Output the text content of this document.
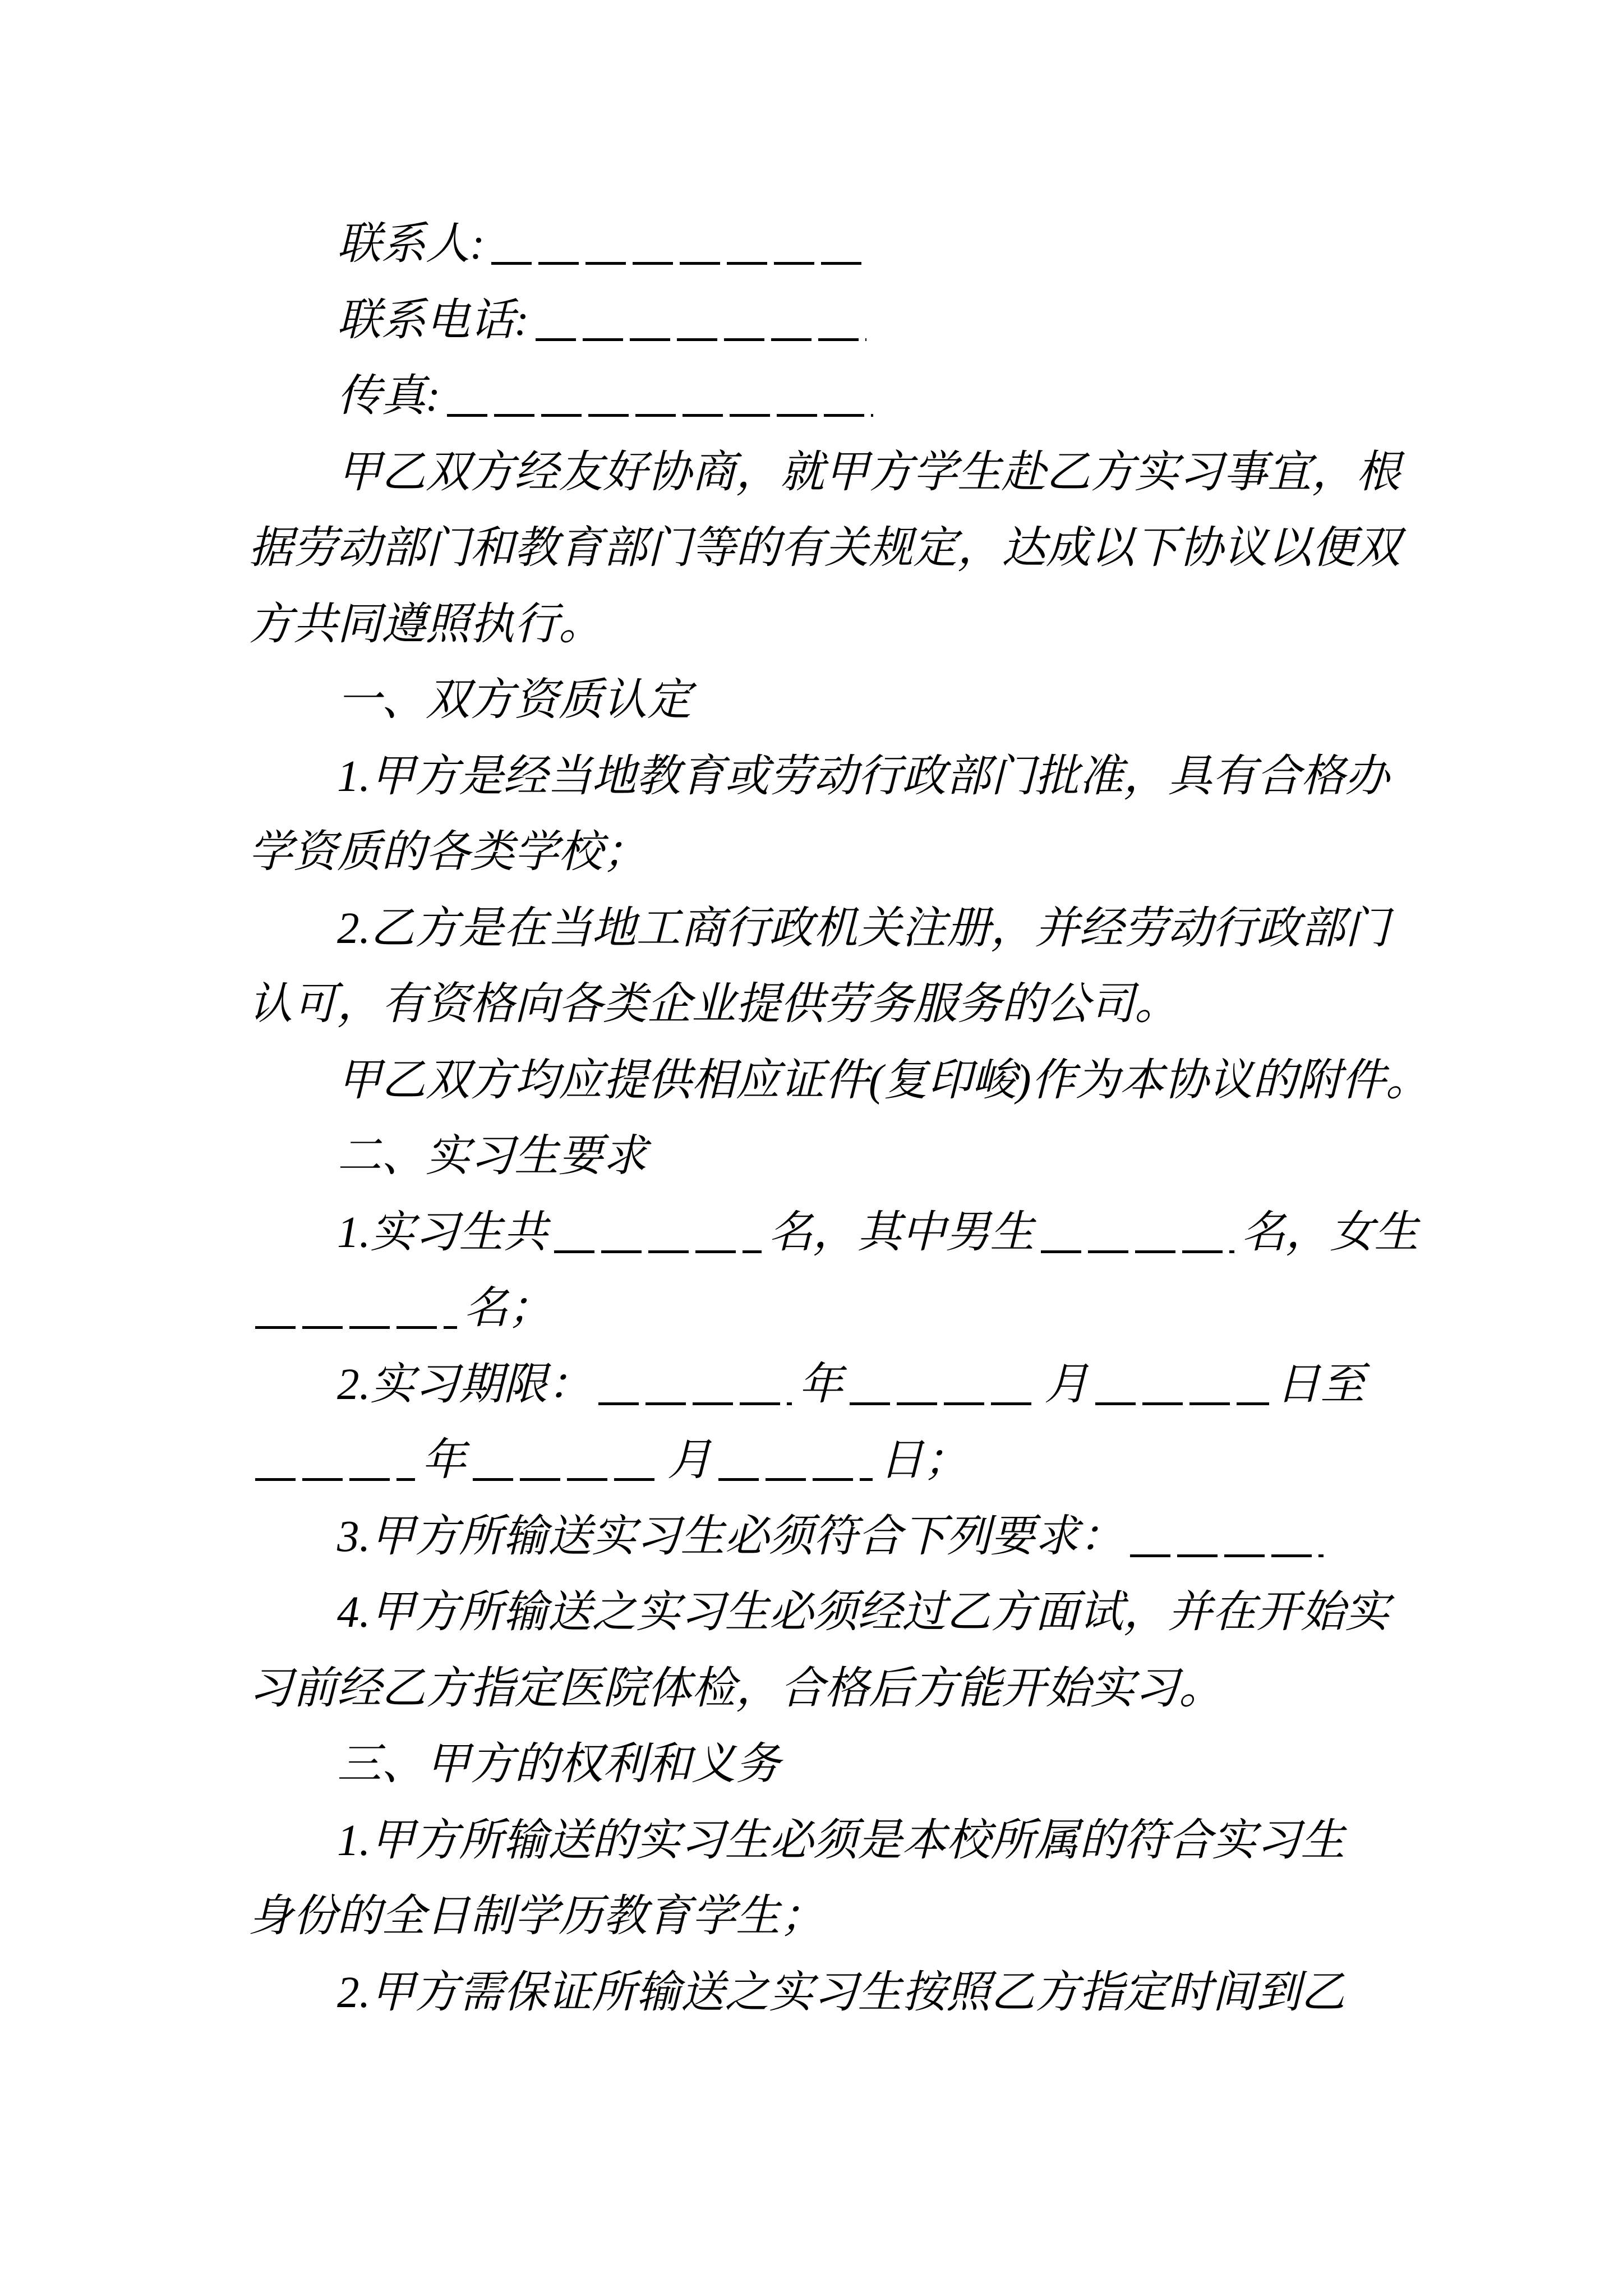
联系人:
联系电话:
传真:
甲乙双方经友好协商，就甲方学生赴乙方实习事宜，根
据劳动部门和教育部门等的有关规定，达成以下协议以便双
方共同遵照执行。
一、双方资质认定
1.甲方是经当地教育或劳动行政部门批准，具有合格办
学资质的各类学校；
2.乙方是在当地工商行政机关注册，并经劳动行政部门
认可，有资格向各类企业提供劳务服务的公司。
甲乙双方均应提供相应证件(复印峻)作为本协议的附件。
二、实习生要求
1.实习生共	名，其中男生	名，女生
名；
2.实习期限：	年	月	日至
年	月	日；
3.甲方所输送实习生必须符合下列要求：
4.甲方所输送之实习生必须经过乙方面试，并在开始实
习前经乙方指定医院体检，合格后方能开始实习。
三、甲方的权利和义务
1.甲方所输送的实习生必须是本校所属的符合实习生
身份的全日制学历教育学生；
2.甲方需保证所输送之实习生按照乙方指定时间到乙
